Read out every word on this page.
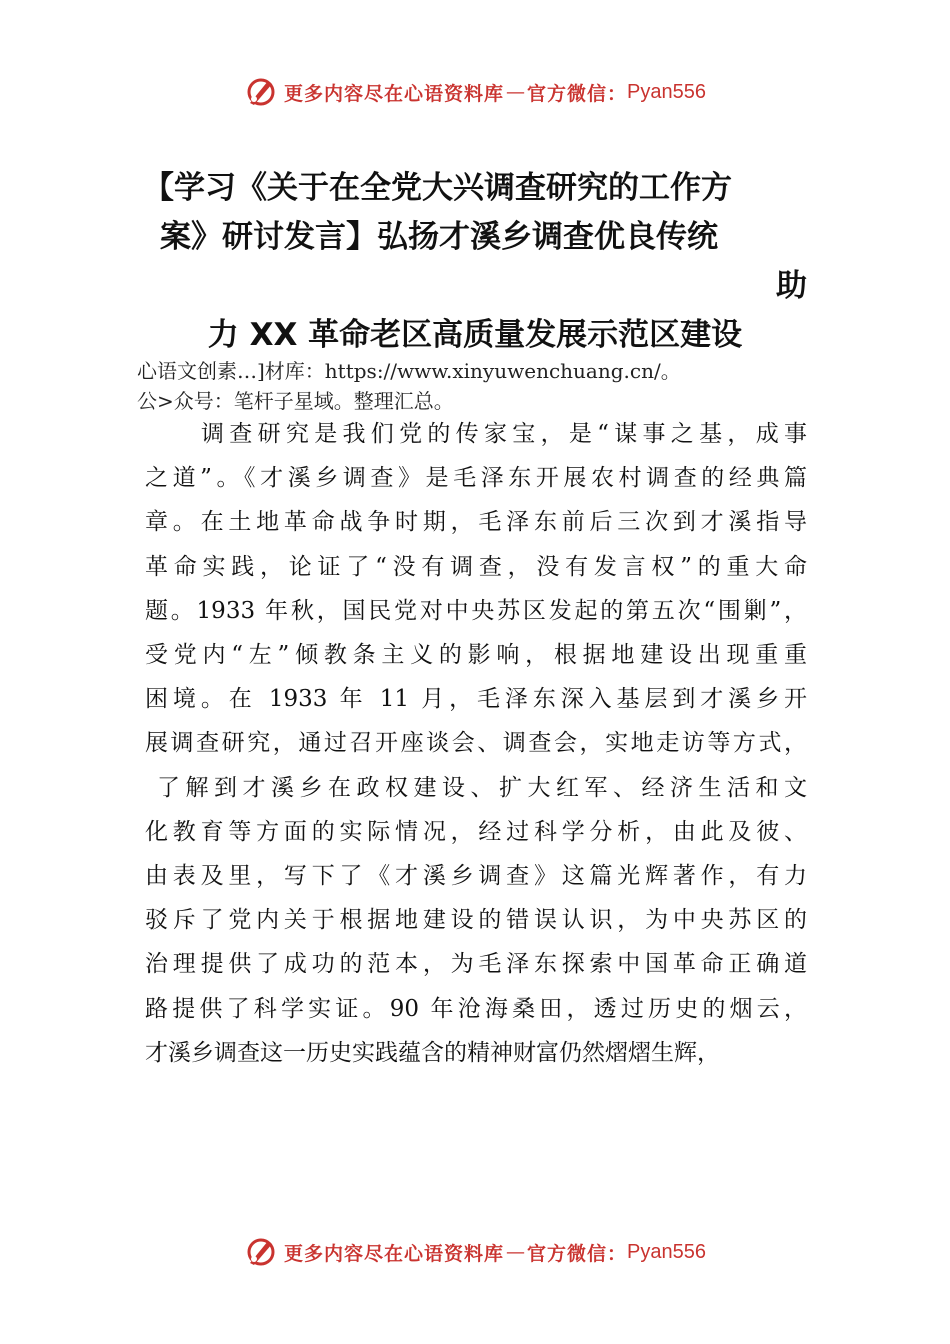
更多内容尽在心语资料库 — 官方微信： Pyan556
【学习《关于在全党大兴调查研究的工作方
案》研讨发言】弘扬才溪乡调查优良传统
助
力 XX 革命老区高质量发展示范区建设
心语文创素…]材库：https://www.xinyuwenchuang.cn/。
公>众号：笔杆子星域。整理汇总。
调查研究是我们党的传家宝，是“谋事之基，成事
之道”。《才溪乡调查》是毛泽东开展农村调查的经典篇
章。在土地革命战争时期，毛泽东前后三次到才溪指导
革命实践，论证了“没有调查，没有发言权”的重大命
题。1933 年秋，国民党对中央苏区发起的第五次“围剿”，
受党内“左”倾教条主义的影响，根据地建设出现重重
困境。在 1933 年 11 月，毛泽东深入基层到才溪乡开
展调查研究，通过召开座谈会、调查会，实地走访等方式，
了解到才溪乡在政权建设、扩大红军、经济生活和文
化教育等方面的实际情况，经过科学分析，由此及彼、
由表及里，写下了《才溪乡调查》这篇光辉著作，有力
驳斥了党内关于根据地建设的错误认识，为中央苏区的
治理提供了成功的范本，为毛泽东探索中国革命正确道
路提供了科学实证。90 年沧海桑田，透过历史的烟云，
才溪乡调查这一历史实践蕴含的精神财富仍然熠熠生辉，
更多内容尽在心语资料库 — 官方微信： Pyan556
